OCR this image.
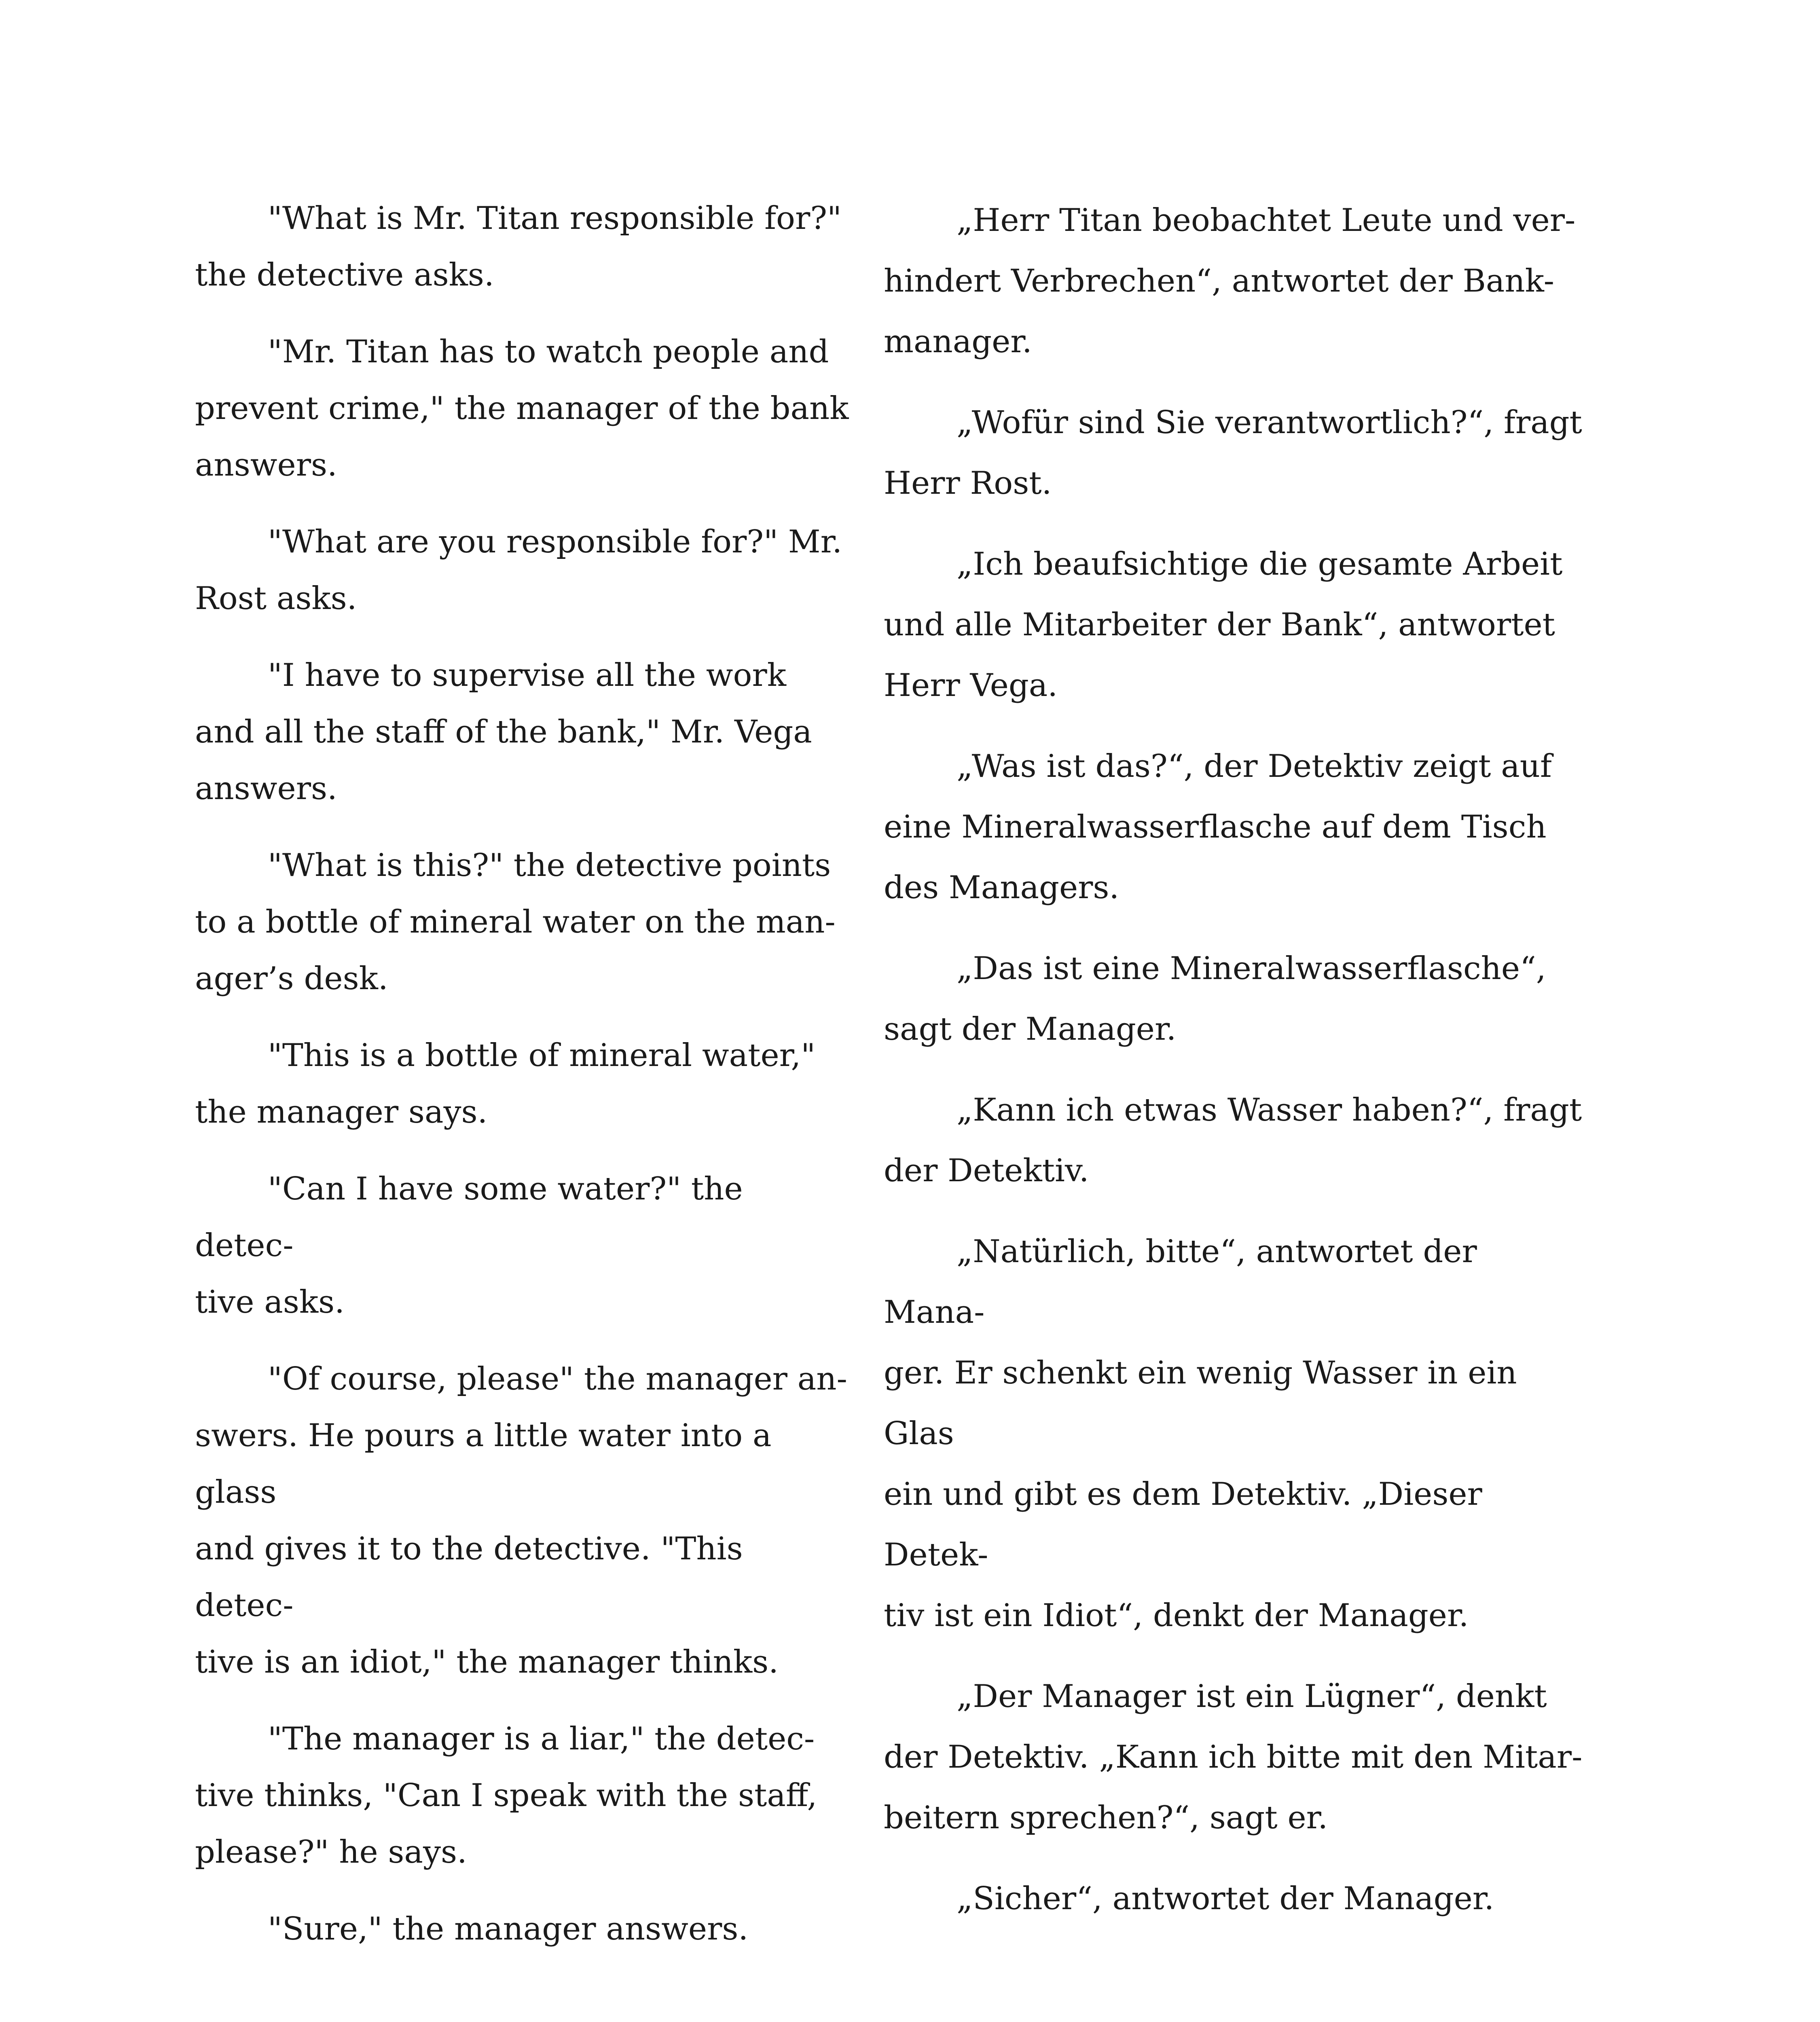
"What is Mr. Titan responsible for?"
the detective asks.

"Mr. Titan has to watch people and
prevent crime," the manager of the bank
answers.

"What are you responsible for?" Mr.
Rost asks.

"I have to supervise all the work
and all the staff of the bank," Mr. Vega
answers.

"What is this?" the detective points
to a bottle of mineral water on the man-
ager’s desk.

"This is a bottle of mineral water,"
the manager says.

"Can I have some water?" the detec-
tive asks.

"Of course, please" the manager an-
swers. He pours a little water into a glass
and gives it to the detective. "This detec-
tive is an idiot," the manager thinks.

"The manager is a liar," the detec-
tive thinks, "Can I speak with the staff,
please?" he says.

"Sure," the manager answers.

„Herr Titan beobachtet Leute und ver-
hindert Verbrechen“, antwortet der Bank-
manager.

„Wofür sind Sie verantwortlich?“, fragt
Herr Rost.

„Ich beaufsichtige die gesamte Arbeit
und alle Mitarbeiter der Bank“, antwortet
Herr Vega.

„Was ist das?“, der Detektiv zeigt auf
eine Mineralwasserflasche auf dem Tisch
des Managers.

„Das ist eine Mineralwasserflasche“,
sagt der Manager.

„Kann ich etwas Wasser haben?“, fragt
der Detektiv.

„Natürlich, bitte“, antwortet der Mana-
ger. Er schenkt ein wenig Wasser in ein Glas
ein und gibt es dem Detektiv. „Dieser Detek-
tiv ist ein Idiot“, denkt der Manager.

„Der Manager ist ein Lügner“, denkt
der Detektiv. „Kann ich bitte mit den Mitar-
beitern sprechen?“, sagt er.

„Sicher“, antwortet der Manager.
